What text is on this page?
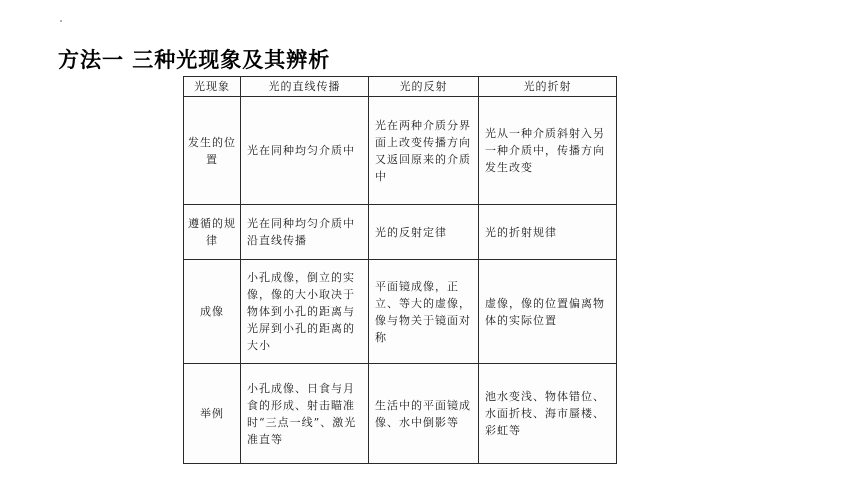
方法一 三种光现象及其辨析
光现象	光的直线传播	光的反射	光的折射
发生的位置	光在同种均匀介质中	光在两种介质分界面上改变传播方向又返回原来的介质中	光从一种介质斜射入另一种介质中，传播方向发生改变
遵循的规律	光在同种均匀介质中沿直线传播	光的反射定律	光的折射规律
成像	小孔成像，倒立的实像，像的大小取决于物体到小孔的距离与光屏到小孔的距离的大小	平面镜成像，正立、等大的虚像，像与物关于镜面对称	虚像，像的位置偏离物体的实际位置
举例	小孔成像、日食与月食的形成、射击瞄准时“三点一线”、激光准直等	生活中的平面镜成像、水中倒影等	池水变浅、物体错位、水面折枝、海市蜃楼、彩虹等
